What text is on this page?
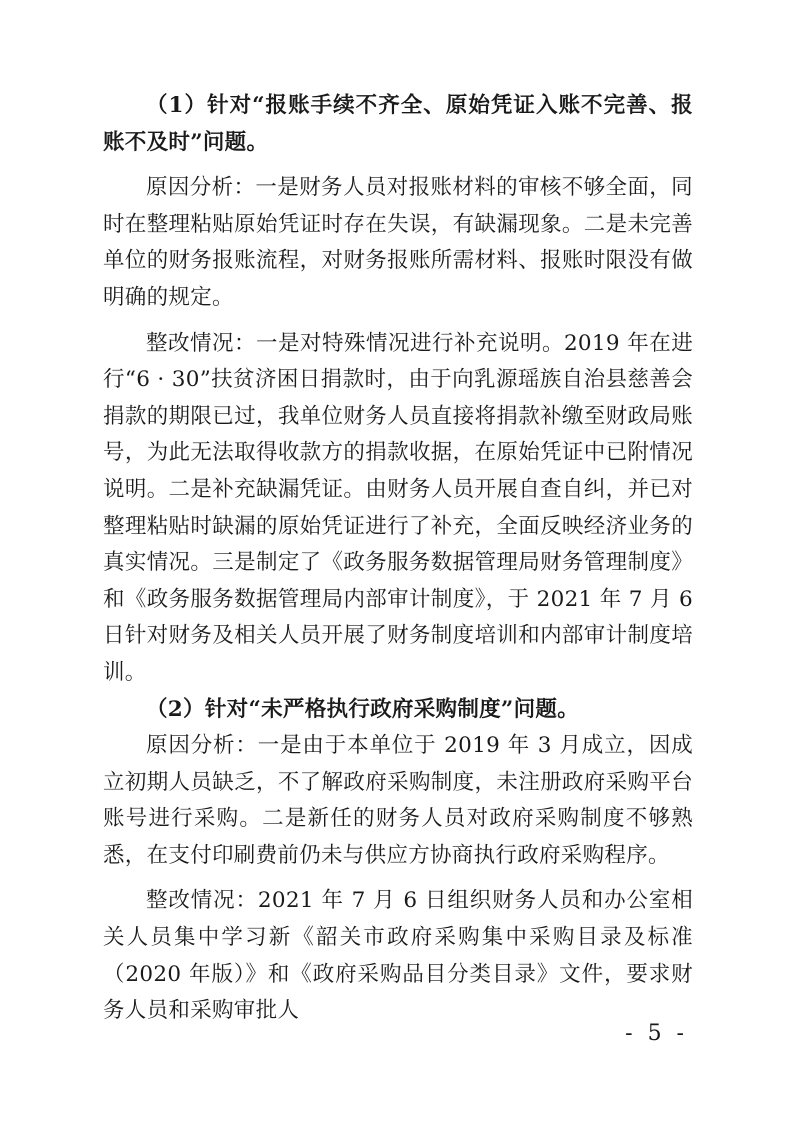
（1）针对“报账手续不齐全、原始凭证入账不完善、报账不及时”问题。

原因分析：一是财务人员对报账材料的审核不够全面，同时在整理粘贴原始凭证时存在失误，有缺漏现象。二是未完善单位的财务报账流程，对财务报账所需材料、报账时限没有做明确的规定。

整改情况：一是对特殊情况进行补充说明。2019 年在进行“6 · 30”扶贫济困日捐款时，由于向乳源瑶族自治县慈善会捐款的期限已过，我单位财务人员直接将捐款补缴至财政局账号，为此无法取得收款方的捐款收据，在原始凭证中已附情况说明。二是补充缺漏凭证。由财务人员开展自查自纠，并已对整理粘贴时缺漏的原始凭证进行了补充，全面反映经济业务的真实情况。三是制定了《政务服务数据管理局财务管理制度》和《政务服务数据管理局内部审计制度》，于 2021 年 7 月 6 日针对财务及相关人员开展了财务制度培训和内部审计制度培训。

（2）针对“未严格执行政府采购制度”问题。

原因分析：一是由于本单位于 2019 年 3 月成立，因成立初期人员缺乏，不了解政府采购制度，未注册政府采购平台账号进行采购。二是新任的财务人员对政府采购制度不够熟悉，在支付印刷费前仍未与供应方协商执行政府采购程序。

整改情况：2021 年 7 月 6 日组织财务人员和办公室相关人员集中学习新《韶关市政府采购集中采购目录及标准（2020 年版）》和《政府采购品目分类目录》文件，要求财务人员和采购审批人

- 5 -
